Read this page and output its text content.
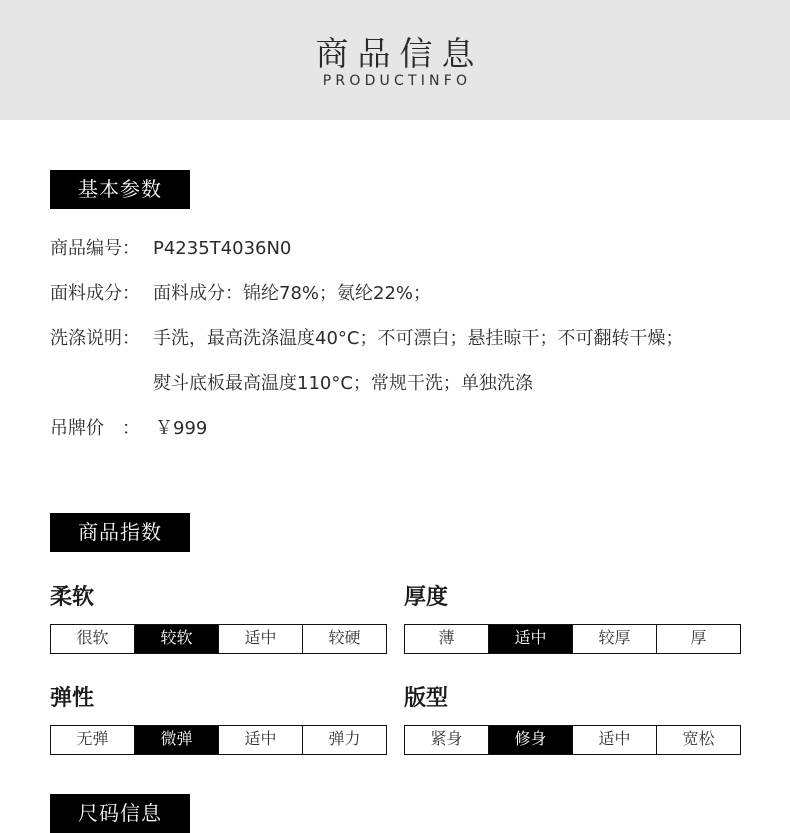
商品信息
PRODUCTINFO
基本参数
商品编号： P4235T4036N0
面料成分： 面料成分：锦纶78%；氨纶22%；
洗涤说明： 手洗，最高洗涤温度40°C；不可漂白；悬挂晾干；不可翻转干燥；
熨斗底板最高温度110°C；常规干洗；单独洗涤
吊牌价　： ￥999
商品指数
柔软
很软	较软	适中	较硬
厚度
薄	适中	较厚	厚
弹性
无弹	微弹	适中	弹力
版型
紧身	修身	适中	宽松
尺码信息
